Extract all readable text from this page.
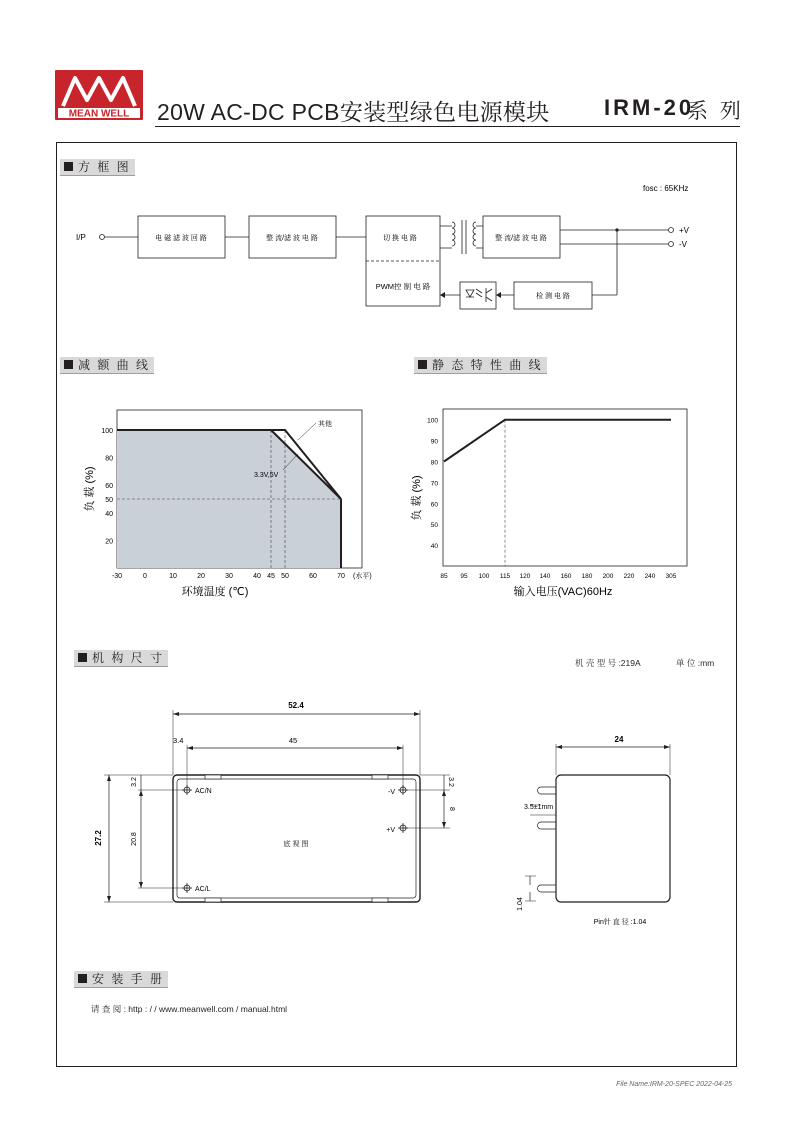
MEAN WELL 20W AC-DC PCB安装型绿色电源模块 IRM-20
系 列
方 框 图
减 额 曲 线	静 态 特 性 曲 线
机 构 尺 寸
安 装 手 册
fosc : 65KHz
I/P	电 磁 滤 波 回 路	整 流/滤 波 电 路	切 换 电 路
PWM控 制 电 路
整 流/滤 波 电 路
检 测 电 路
+V
-V
-30	0	10	20	30	40 45 50	60	70
20
40
50
60
80
100
(水平)
其他
3.3V,5V
环境温度 (℃)
负 载 (%)
85 95 100 115 120 140 160 180 200 220 240 305
40
50
60
70
80
90
100
输入电压(VAC)60Hz
负 载 (%)
机 壳 型 号 :219A	单 位 :mm
52.4
45
3.4
27.2	20.8
3.2	3.2
8
AC/N
AC/L
-V
+V
底 视 图
24
3.5±1mm
1.04
Pin针 直 径 :1.04
请 查 阅 : http : / / www.meanwell.com / manual.html
File Name:IRM-20-SPEC 2022-04-25
